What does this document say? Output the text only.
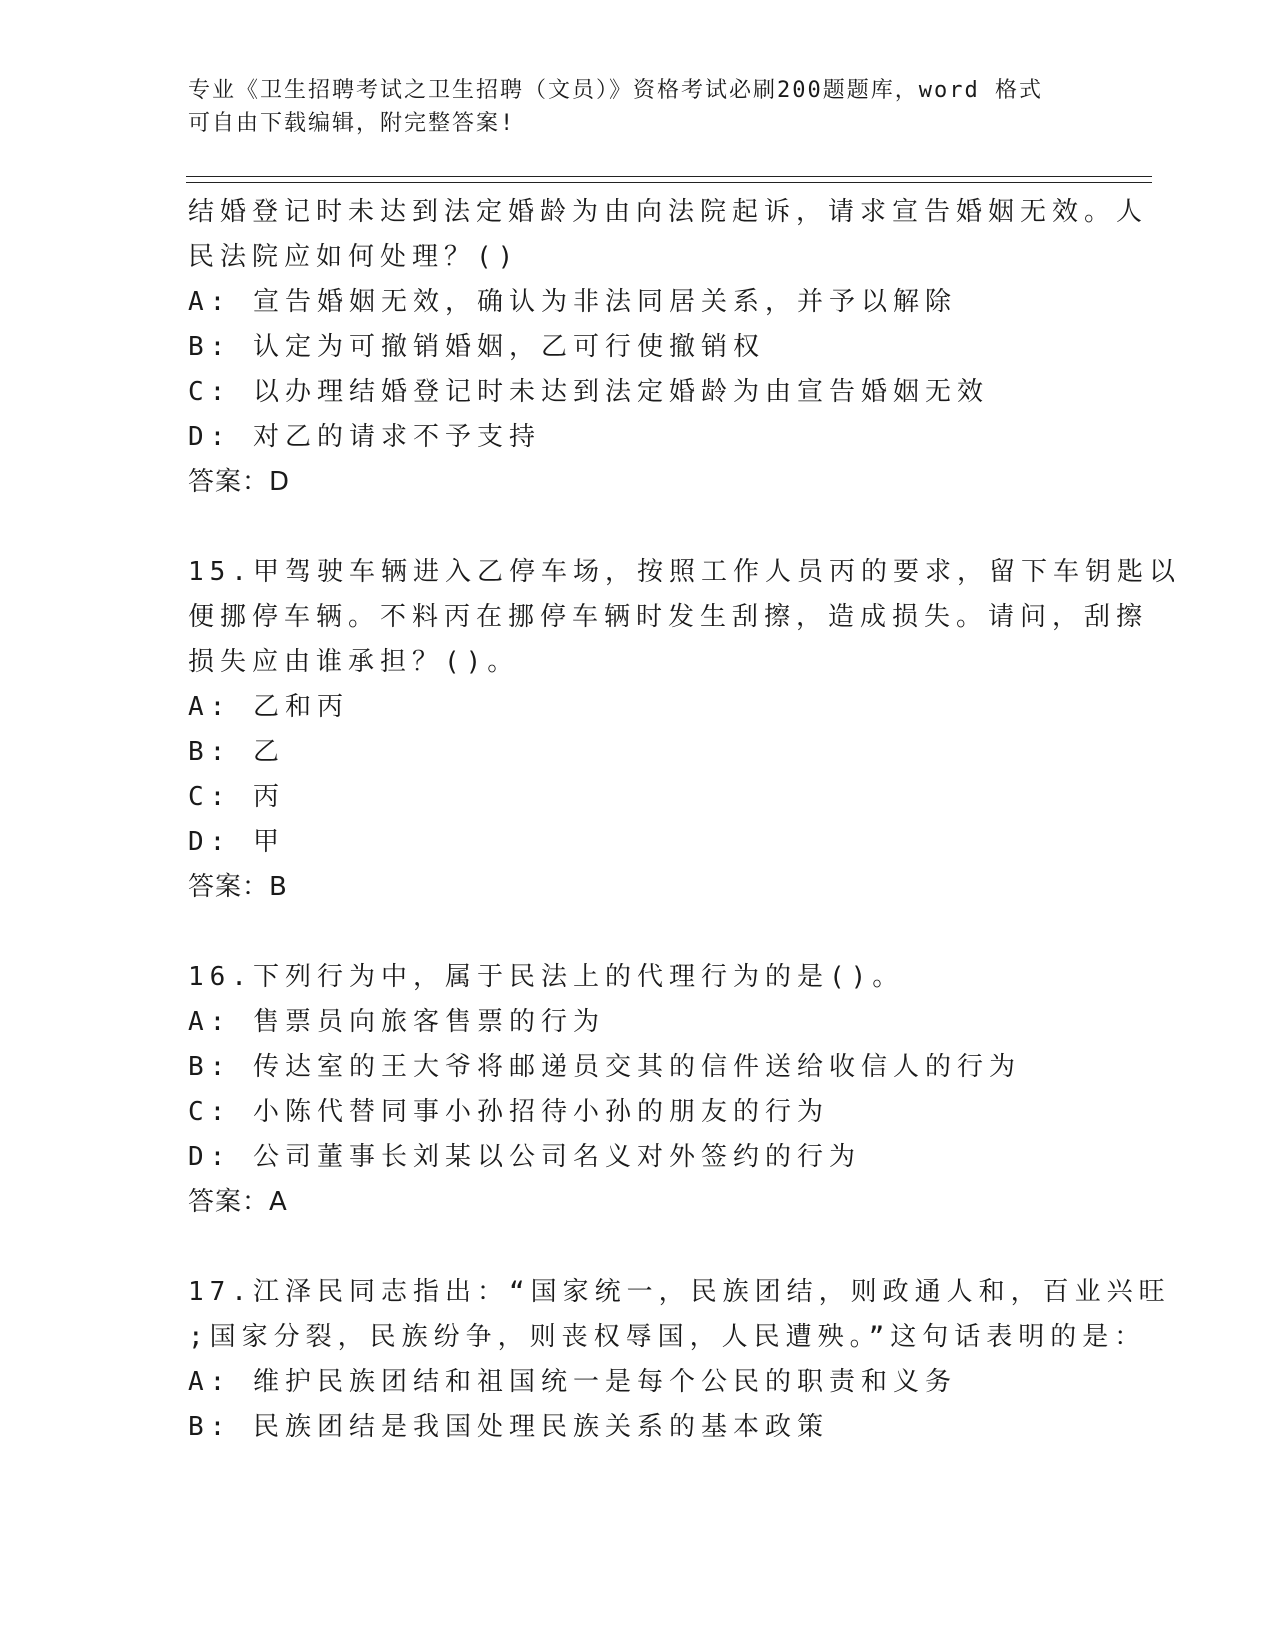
专业《卫生招聘考试之卫生招聘（文员）》资格考试必刷200题题库，word 格式
可自由下载编辑，附完整答案!
结婚登记时未达到法定婚龄为由向法院起诉，请求宣告婚姻无效。人
民法院应如何处理？()
A: 宣告婚姻无效，确认为非法同居关系，并予以解除
B: 认定为可撤销婚姻，乙可行使撤销权
C: 以办理结婚登记时未达到法定婚龄为由宣告婚姻无效
D: 对乙的请求不予支持
答案：D
15.甲驾驶车辆进入乙停车场，按照工作人员丙的要求，留下车钥匙以
便挪停车辆。不料丙在挪停车辆时发生刮擦，造成损失。请问，刮擦
损失应由谁承担？()。
A: 乙和丙
B: 乙
C: 丙
D: 甲
答案：B
16.下列行为中，属于民法上的代理行为的是()。
A: 售票员向旅客售票的行为
B: 传达室的王大爷将邮递员交其的信件送给收信人的行为
C: 小陈代替同事小孙招待小孙的朋友的行为
D: 公司董事长刘某以公司名义对外签约的行为
答案：A
17.江泽民同志指出：“国家统一，民族团结，则政通人和，百业兴旺
;国家分裂，民族纷争，则丧权辱国，人民遭殃。”这句话表明的是：
A: 维护民族团结和祖国统一是每个公民的职责和义务
B: 民族团结是我国处理民族关系的基本政策
